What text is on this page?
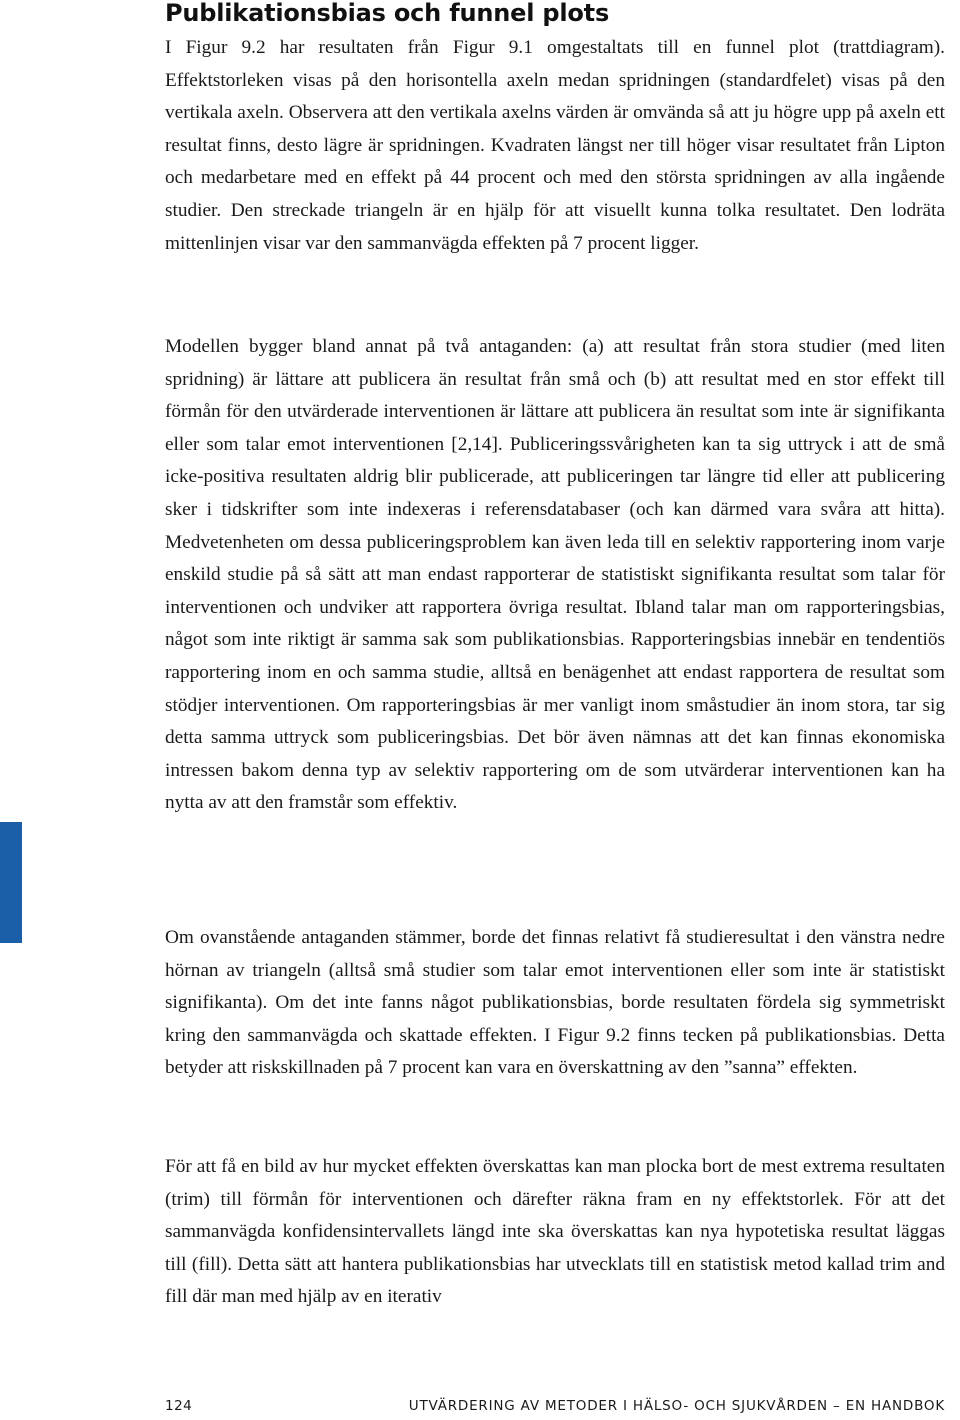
Publikationsbias och funnel plots

I Figur 9.2 har resultaten från Figur 9.1 omgestaltats till en funnel plot (trattdiagram). Effektstorleken visas på den horisontella axeln medan spridningen (standardfelet) visas på den vertikala axeln. Observera att den vertikala axelns värden är omvända så att ju högre upp på axeln ett resultat finns, desto lägre är spridningen. Kvadraten längst ner till höger visar resultatet från Lipton och medarbetare med en effekt på 44 procent och med den största spridningen av alla ingående studier. Den streckade triangeln är en hjälp för att visuellt kunna tolka resultatet. Den lodräta mittenlinjen visar var den sammanvägda effekten på 7 procent ligger.

Modellen bygger bland annat på två antaganden: (a) att resultat från stora studier (med liten spridning) är lättare att publicera än resultat från små och (b) att resultat med en stor effekt till förmån för den utvärderade interventionen är lättare att publicera än resultat som inte är signifikanta eller som talar emot interventionen [2,14]. Publiceringssvårigheten kan ta sig uttryck i att de små icke-positiva resultaten aldrig blir publicerade, att publiceringen tar längre tid eller att publicering sker i tidskrifter som inte indexeras i referensdatabaser (och kan därmed vara svåra att hitta). Medvetenheten om dessa publiceringsproblem kan även leda till en selektiv rapportering inom varje enskild studie på så sätt att man endast rapporterar de statistiskt signifikanta resultat som talar för interventionen och undviker att rapportera övriga resultat. Ibland talar man om rapporteringsbias, något som inte riktigt är samma sak som publikationsbias. Rapporteringsbias innebär en tendentiös rapportering inom en och samma studie, alltså en benägenhet att endast rapportera de resultat som stödjer interventionen. Om rapporteringsbias är mer vanligt inom småstudier än inom stora, tar sig detta samma uttryck som publiceringsbias. Det bör även nämnas att det kan finnas ekonomiska intressen bakom denna typ av selektiv rapportering om de som utvärderar interventionen kan ha nytta av att den framstår som effektiv.

Om ovanstående antaganden stämmer, borde det finnas relativt få studieresultat i den vänstra nedre hörnan av triangeln (alltså små studier som talar emot interventionen eller som inte är statistiskt signifikanta). Om det inte fanns något publikationsbias, borde resultaten fördela sig symmetriskt kring den sammanvägda och skattade effekten. I Figur 9.2 finns tecken på publikationsbias. Detta betyder att riskskillnaden på 7 procent kan vara en överskattning av den ”sanna” effekten.

För att få en bild av hur mycket effekten överskattas kan man plocka bort de mest extrema resultaten (trim) till förmån för interventionen och därefter räkna fram en ny effektstorlek. För att det sammanvägda konfidensintervallets längd inte ska överskattas kan nya hypotetiska resultat läggas till (fill). Detta sätt att hantera publikationsbias har utvecklats till en statistisk metod kallad trim and fill där man med hjälp av en iterativ

124	UTVÄRDERING AV METODER I HÄLSO- OCH SJUKVÅRDEN – EN HANDBOK
